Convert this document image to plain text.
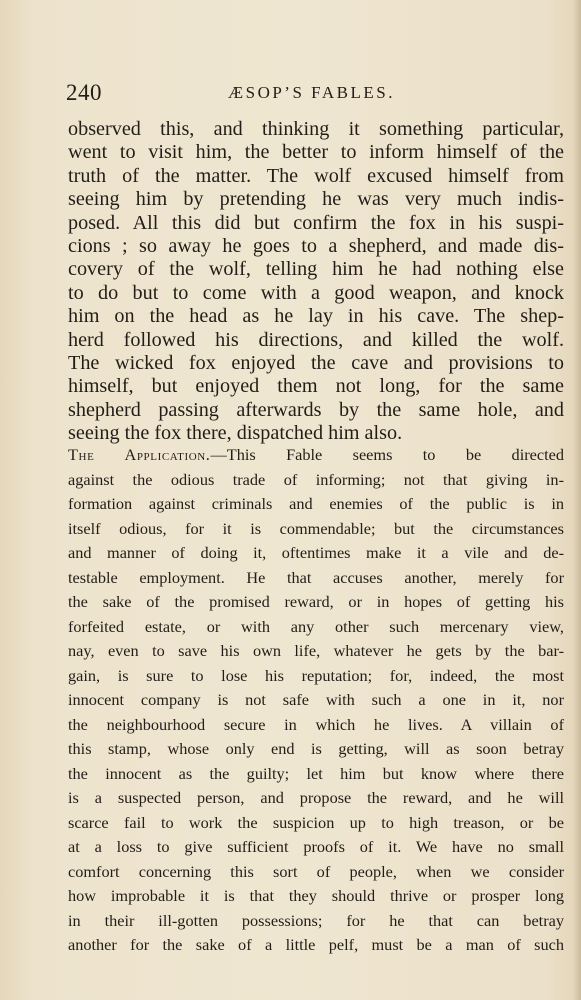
240	ÆSOP’S FABLES.

observed this, and thinking it something particular,
went to visit him, the better to inform himself of the
truth of the matter. The wolf excused himself from
seeing him by pretending he was very much indis-
posed. All this did but confirm the fox in his suspi-
cions ; so away he goes to a shepherd, and made dis-
covery of the wolf, telling him he had nothing else
to do but to come with a good weapon, and knock
him on the head as he lay in his cave. The shep-
herd followed his directions, and killed the wolf.
The wicked fox enjoyed the cave and provisions to
himself, but enjoyed them not long, for the same
shepherd passing afterwards by the same hole, and
seeing the fox there, dispatched him also.

The Application.—This Fable seems to be directed
against the odious trade of informing; not that giving in-
formation against criminals and enemies of the public is in
itself odious, for it is commendable; but the circumstances
and manner of doing it, oftentimes make it a vile and de-
testable employment. He that accuses another, merely for
the sake of the promised reward, or in hopes of getting his
forfeited estate, or with any other such mercenary view,
nay, even to save his own life, whatever he gets by the bar-
gain, is sure to lose his reputation; for, indeed, the most
innocent company is not safe with such a one in it, nor
the neighbourhood secure in which he lives. A villain of
this stamp, whose only end is getting, will as soon betray
the innocent as the guilty; let him but know where there
is a suspected person, and propose the reward, and he will
scarce fail to work the suspicion up to high treason, or be
at a loss to give sufficient proofs of it. We have no small
comfort concerning this sort of people, when we consider
how improbable it is that they should thrive or prosper long
in their ill-gotten possessions; for he that can betray
another for the sake of a little pelf, must be a man of such
